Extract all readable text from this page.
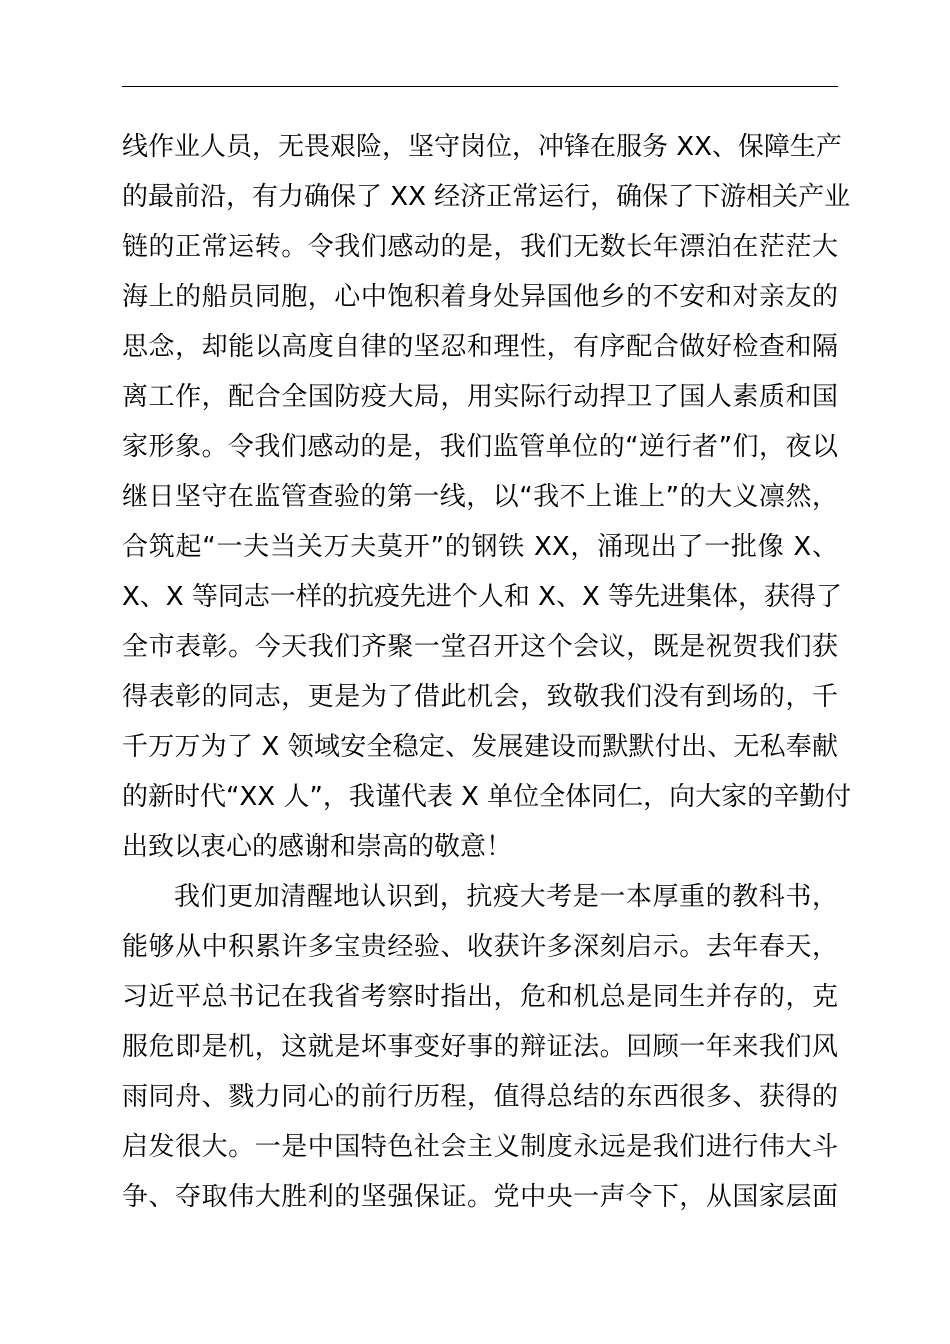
线作业人员，无畏艰险，坚守岗位，冲锋在服务 XX、保障生产
的最前沿，有力确保了 XX 经济正常运行，确保了下游相关产业
链的正常运转。令我们感动的是，我们无数长年漂泊在茫茫大
海上的船员同胞，心中饱积着身处异国他乡的不安和对亲友的
思念，却能以高度自律的坚忍和理性，有序配合做好检查和隔
离工作，配合全国防疫大局，用实际行动捍卫了国人素质和国
家形象。令我们感动的是，我们监管单位的“逆行者”们，夜以
继日坚守在监管查验的第一线，以“我不上谁上”的大义凛然，
合筑起“一夫当关万夫莫开”的钢铁 XX，涌现出了一批像 X、
X、X 等同志一样的抗疫先进个人和 X、X 等先进集体，获得了
全市表彰。今天我们齐聚一堂召开这个会议，既是祝贺我们获
得表彰的同志，更是为了借此机会，致敬我们没有到场的，千
千万万为了 X 领域安全稳定、发展建设而默默付出、无私奉献
的新时代“XX 人”，我谨代表 X 单位全体同仁，向大家的辛勤付
出致以衷心的感谢和崇高的敬意！
我们更加清醒地认识到，抗疫大考是一本厚重的教科书，
能够从中积累许多宝贵经验、收获许多深刻启示。去年春天，
习近平总书记在我省考察时指出，危和机总是同生并存的，克
服危即是机，这就是坏事变好事的辩证法。回顾一年来我们风
雨同舟、戮力同心的前行历程，值得总结的东西很多、获得的
启发很大。一是中国特色社会主义制度永远是我们进行伟大斗
争、夺取伟大胜利的坚强保证。党中央一声令下，从国家层面
